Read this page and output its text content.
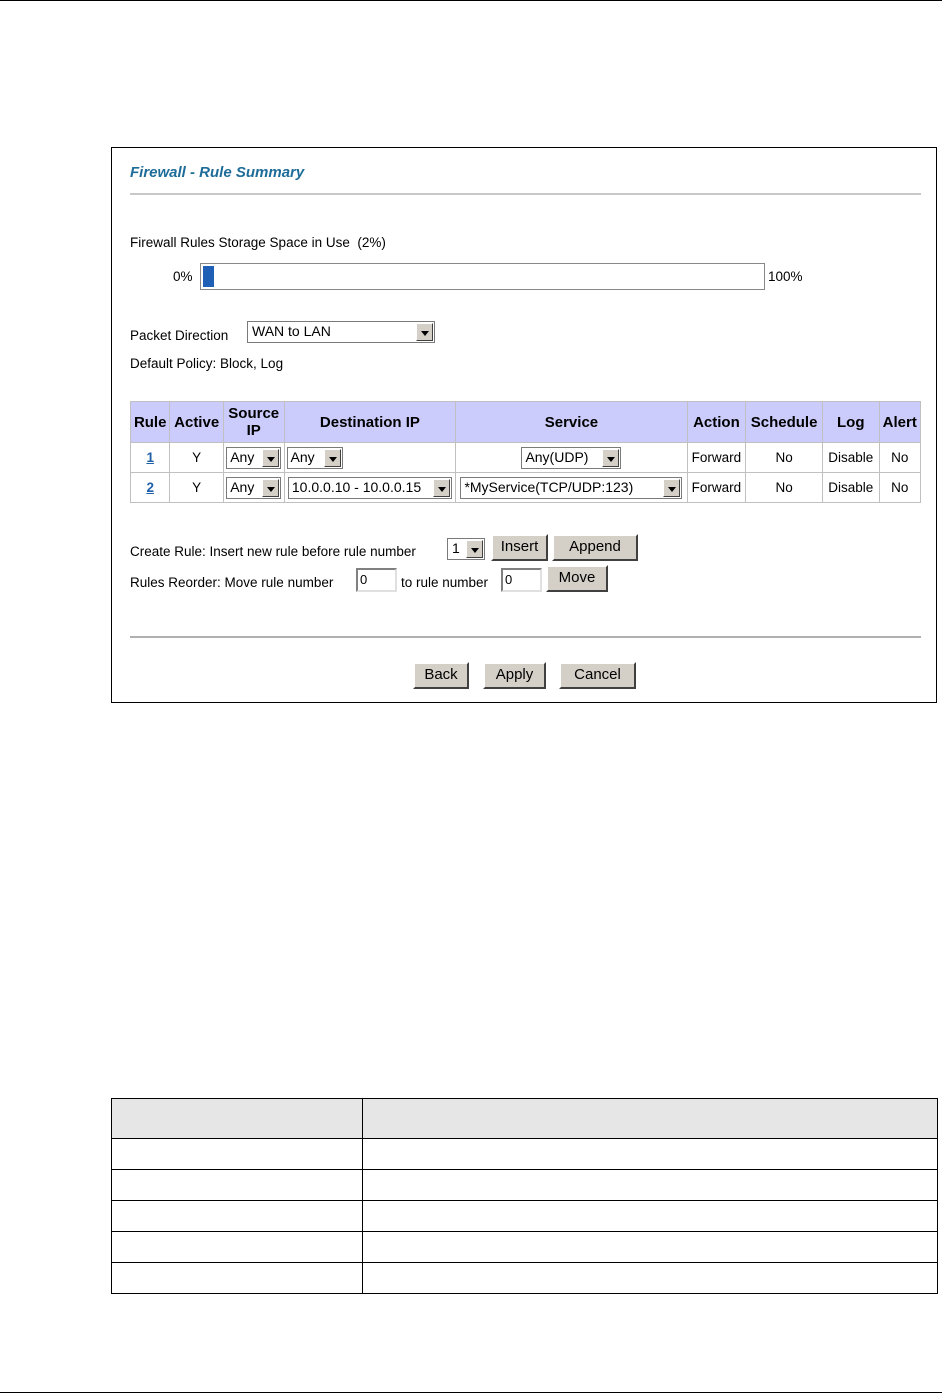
Firewall - Rule Summary
Firewall Rules Storage Space in Use (2%)
0%	100%
Packet Direction WAN to LAN
Default Policy: Block, Log
Rule	Active	Source IP	Destination IP	Service	Action	Schedule	Log	Alert
1	Y	Any	Any	Any(UDP)	Forward	No	Disable	No
2	Y	Any	10.0.0.10 - 10.0.0.15	*MyService(TCP/UDP:123)	Forward	No	Disable	No
Create Rule: Insert new rule before rule number	1	Insert	Append
Rules Reorder: Move rule number	0	to rule number	0	Move
Back	Apply	Cancel
